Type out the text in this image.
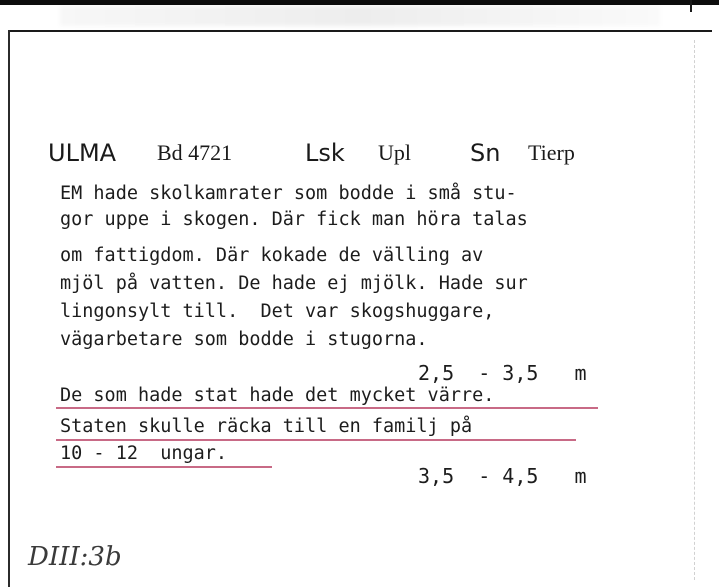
ULMA Bd 4721	Lsk Upl Sn Tierp
EM hade skolkamrater som bodde i små stu-
gor uppe i skogen. Där fick man höra talas
om fattigdom. Där kokade de välling av
mjöl på vatten. De hade ej mjölk. Hade sur
lingonsylt till.  Det var skogshuggare,
vägarbetare som bodde i stugorna.
2,5  - 3,5   m
De som hade stat hade det mycket värre.
Staten skulle räcka till en familj på
10 - 12  ungar.
3,5  - 4,5   m
DIII:3b
